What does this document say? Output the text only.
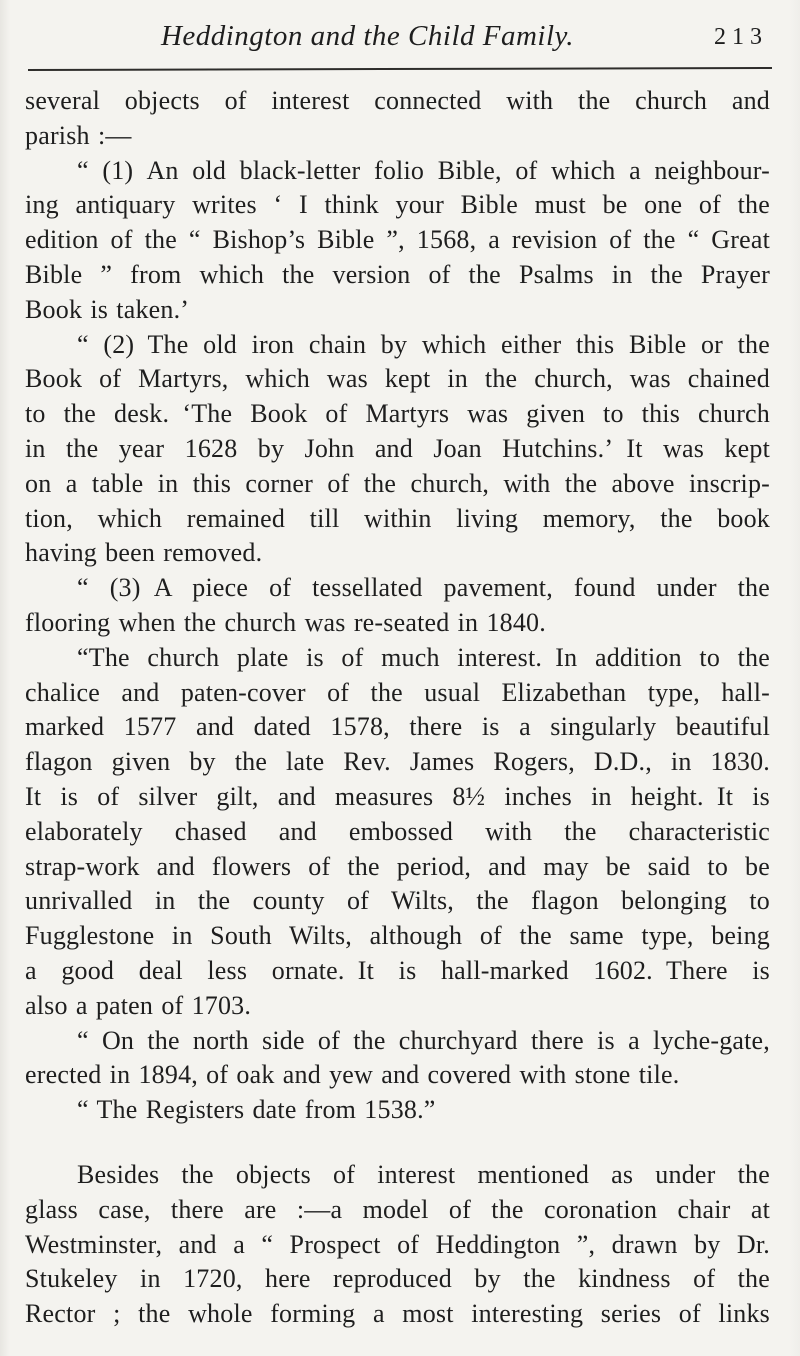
Heddington and the Child Family.	213
several objects of interest connected with the church and
parish :—
“ (1) An old black-letter folio Bible, of which a neighbour-
ing antiquary writes ‘ I think your Bible must be one of the
edition of the “ Bishop’s Bible ”, 1568, a revision of the “ Great
Bible ” from which the version of the Psalms in the Prayer
Book is taken.’
“ (2) The old iron chain by which either this Bible or the
Book of Martyrs, which was kept in the church, was chained
to the desk. ‘The Book of Martyrs was given to this church
in the year 1628 by John and Joan Hutchins.’ It was kept
on a table in this corner of the church, with the above inscrip-
tion, which remained till within living memory, the book
having been removed.
“ (3) A piece of tessellated pavement, found under the
flooring when the church was re-seated in 1840.
“The church plate is of much interest. In addition to the
chalice and paten-cover of the usual Elizabethan type, hall-
marked 1577 and dated 1578, there is a singularly beautiful
flagon given by the late Rev. James Rogers, D.D., in 1830.
It is of silver gilt, and measures 8½ inches in height. It is
elaborately chased and embossed with the characteristic
strap-work and flowers of the period, and may be said to be
unrivalled in the county of Wilts, the flagon belonging to
Fugglestone in South Wilts, although of the same type, being
a good deal less ornate. It is hall-marked 1602. There is
also a paten of 1703.
“ On the north side of the churchyard there is a lyche-gate,
erected in 1894, of oak and yew and covered with stone tile.
“ The Registers date from 1538.”
Besides the objects of interest mentioned as under the
glass case, there are :—a model of the coronation chair at
Westminster, and a “ Prospect of Heddington ”, drawn by Dr.
Stukeley in 1720, here reproduced by the kindness of the
Rector ; the whole forming a most interesting series of links
